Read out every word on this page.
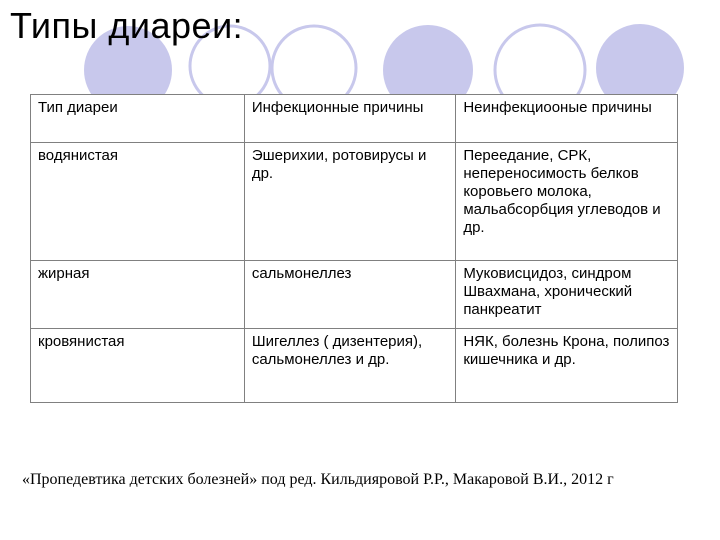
Типы диареи:
Тип диареи	Инфекционные причины	Неинфекциооные причины
водянистая	Эшерихии, ротовирусы и др.	Переедание, СРК, непереносимость белков коровьего молока, мальабсорбция углеводов и др.
жирная	сальмонеллез	Муковисцидоз, синдром Швахмана, хронический панкреатит
кровянистая	Шигеллез ( дизентерия), сальмонеллез и др.	НЯК, болезнь Крона, полипоз кишечника и др.
«Пропедевтика детских болезней» под ред. Кильдияровой Р.Р., Макаровой В.И., 2012 г
